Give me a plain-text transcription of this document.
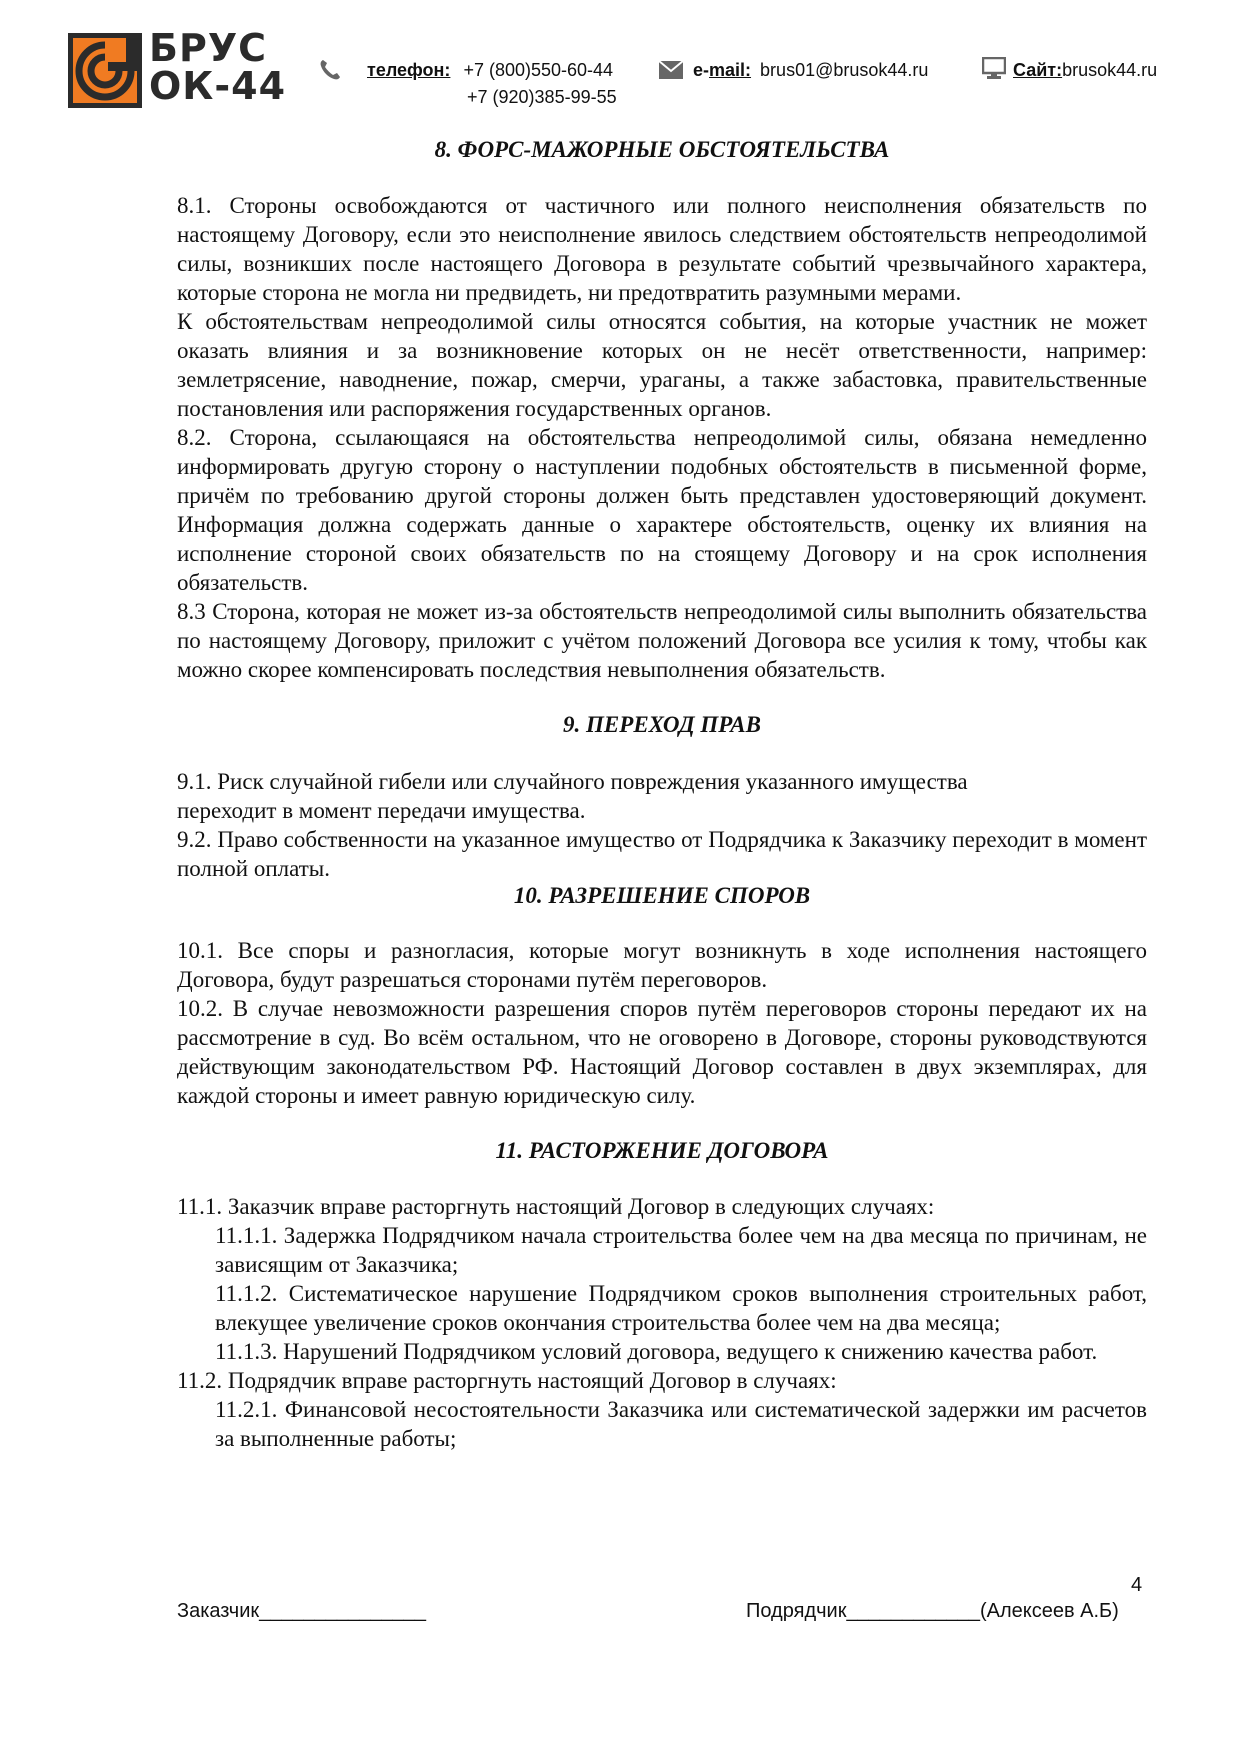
БРУС
ОК-44	телефон: +7 (800)550-60-44
+7 (920)385-99-55
e-mail: brus01@brusok44.ru	Сайт:brusok44.ru
8. ФОРС-МАЖОРНЫЕ ОБСТОЯТЕЛЬСТВА

8.1. Стороны освобождаются от частичного или полного неисполнения обязательств по настоящему Договору, если это неисполнение явилось следствием обстоятельств непреодолимой силы, возникших после настоящего Договора в результате событий чрезвычайного характера, которые сторона не могла ни предвидеть, ни предотвратить разумными мерами.

К обстоятельствам непреодолимой силы относятся события, на которые участник не может оказать влияния и за возникновение которых он не несёт ответственности, например: землетрясение, наводнение, пожар, смерчи, ураганы, а также забастовка, правительственные постановления или распоряжения государственных органов.

8.2. Сторона, ссылающаяся на обстоятельства непреодолимой силы, обязана немедленно информировать другую сторону о наступлении подобных обстоятельств в письменной форме, причём по требованию другой стороны должен быть представлен удостоверяющий документ. Информация должна содержать данные о характере обстоятельств, оценку их влияния на исполнение стороной своих обязательств по на стоящему Договору и на срок исполнения обязательств.

8.3 Сторона, которая не может из-за обстоятельств непреодолимой силы выполнить обязательства по настоящему Договору, приложит с учётом положений Договора все усилия к тому, чтобы как можно скорее компенсировать последствия невыполнения обязательств.

9. ПЕРЕХОД ПРАВ

9.1. Риск случайной гибели или случайного повреждения указанного имущества

переходит в момент передачи имущества.

9.2. Право собственности на указанное имущество от Подрядчика к Заказчику переходит в момент полной оплаты.

10. РАЗРЕШЕНИЕ СПОРОВ

10.1. Все споры и разногласия, которые могут возникнуть в ходе исполнения настоящего Договора, будут разрешаться сторонами путём переговоров.

10.2. В случае невозможности разрешения споров путём переговоров стороны передают их на рассмотрение в суд. Во всём остальном, что не оговорено в Договоре, стороны руководствуются действующим законодательством РФ. Настоящий Договор составлен в двух экземплярах, для каждой стороны и имеет равную юридическую силу.

11. РАСТОРЖЕНИЕ ДОГОВОРА

11.1. Заказчик вправе расторгнуть настоящий Договор в следующих случаях:

11.1.1. Задержка Подрядчиком начала строительства более чем на два месяца по причинам, не зависящим от Заказчика;

11.1.2. Систематическое нарушение Подрядчиком сроков выполнения строительных работ, влекущее увеличение сроков окончания строительства более чем на два месяца;

11.1.3. Нарушений Подрядчиком условий договора, ведущего к снижению качества работ.

11.2. Подрядчик вправе расторгнуть настоящий Договор в случаях:

11.2.1. Финансовой несостоятельности Заказчика или систематической задержки им расчетов за выполненные работы;

4
Заказчик_______________	Подрядчик____________(Алексеев А.Б)
